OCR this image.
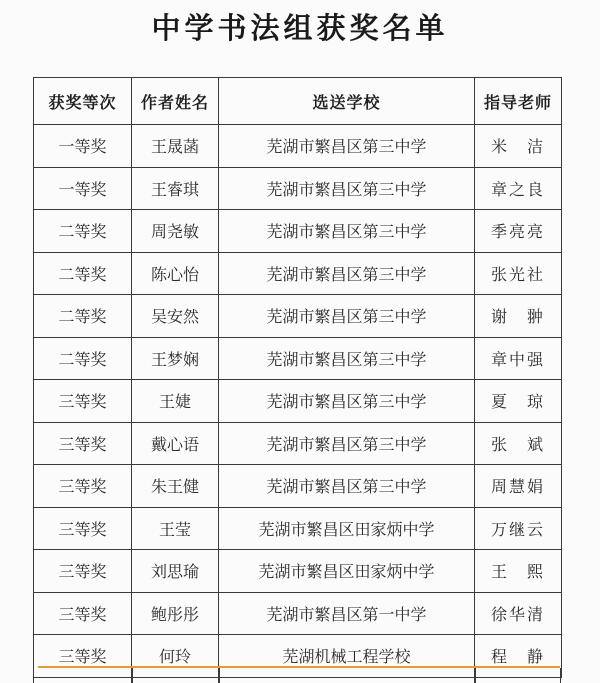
中学书法组获奖名单
获奖等次	作者姓名	选送学校	指导老师
一等奖	王晟菡	芜湖市繁昌区第三中学	米　洁
一等奖	王睿琪	芜湖市繁昌区第三中学	章之良
二等奖	周尧敏	芜湖市繁昌区第三中学	季亮亮
二等奖	陈心怡	芜湖市繁昌区第三中学	张光社
二等奖	吴安然	芜湖市繁昌区第三中学	谢　翀
二等奖	王梦娴	芜湖市繁昌区第三中学	章中强
三等奖	王婕	芜湖市繁昌区第三中学	夏　琼
三等奖	戴心语	芜湖市繁昌区第三中学	张　斌
三等奖	朱王健	芜湖市繁昌区第三中学	周慧娟
三等奖	王莹	芜湖市繁昌区田家炳中学	万继云
三等奖	刘思瑜	芜湖市繁昌区田家炳中学	王　熙
三等奖	鲍彤彤	芜湖市繁昌区第一中学	徐华清
三等奖	何玲	芜湖机械工程学校	程　静
